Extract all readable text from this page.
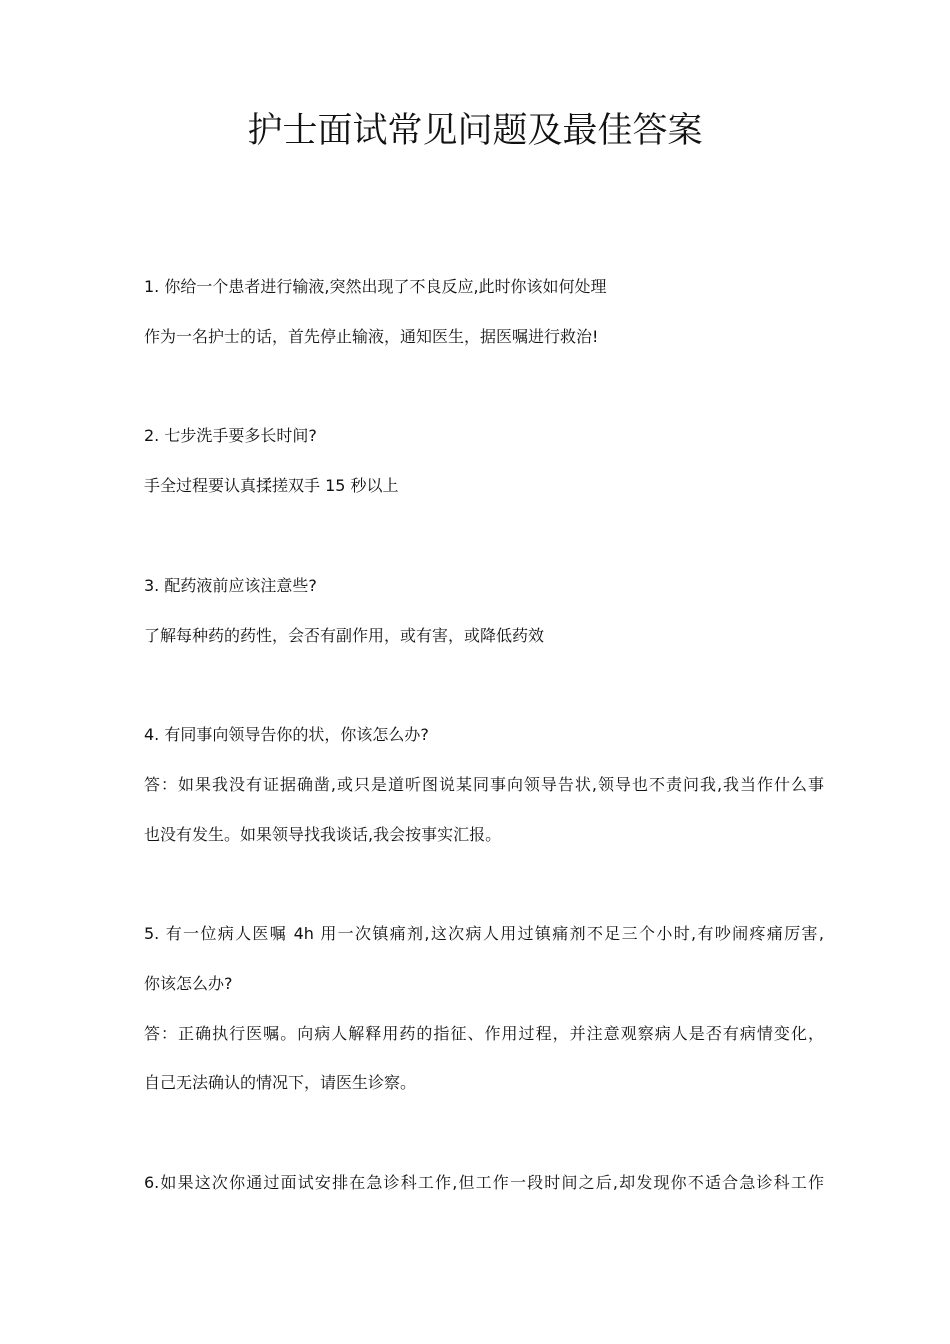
护士面试常见问题及最佳答案

1. 你给一个患者进行输液,突然出现了不良反应,此时你该如何处理

作为一名护士的话，首先停止输液，通知医生，据医嘱进行救治!

2. 七步洗手要多长时间?

手全过程要认真揉搓双手 15 秒以上

3. 配药液前应该注意些?

了解每种药的药性，会否有副作用，或有害，或降低药效

4. 有同事向领导告你的状，你该怎么办?

答：如果我没有证据确凿,或只是道听图说某同事向领导告状,领导也不责问我,我当作什么事

也没有发生。如果领导找我谈话,我会按事实汇报。

5. 有一位病人医嘱 4h 用一次镇痛剂,这次病人用过镇痛剂不足三个小时,有吵闹疼痛厉害,

你该怎么办?

答：正确执行医嘱。向病人解释用药的指征、作用过程，并注意观察病人是否有病情变化，

自己无法确认的情况下，请医生诊察。

6.如果这次你通过面试安排在急诊科工作,但工作一段时间之后,却发现你不适合急诊科工作
